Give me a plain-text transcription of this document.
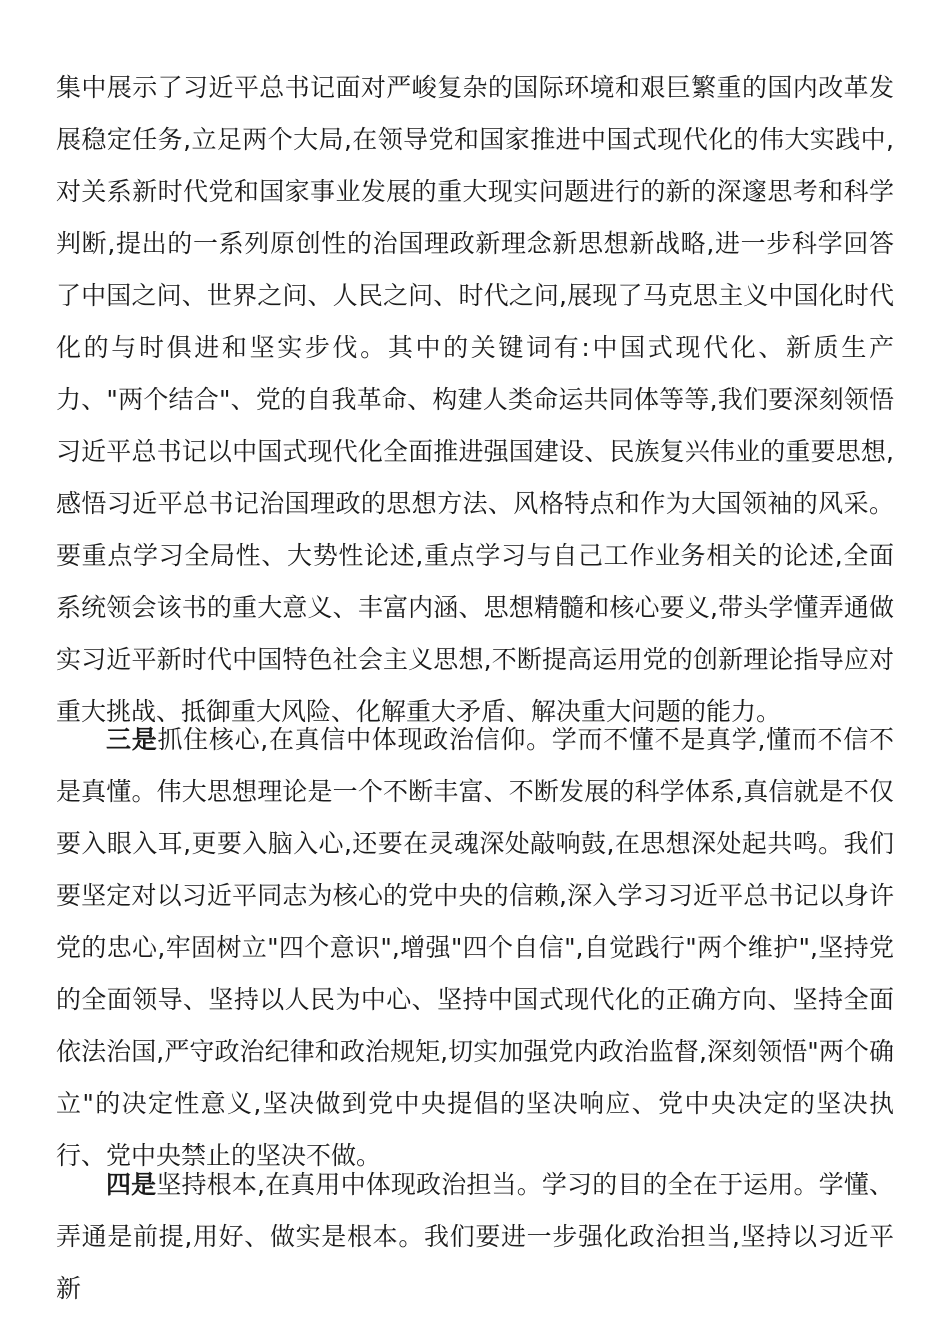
集中展示了习近平总书记面对严峻复杂的国际环境和艰巨繁重的国内改革发展稳定任务,立足两个大局,在领导党和国家推进中国式现代化的伟大实践中,对关系新时代党和国家事业发展的重大现实问题进行的新的深邃思考和科学判断,提出的一系列原创性的治国理政新理念新思想新战略,进一步科学回答了中国之问、世界之问、人民之问、时代之问,展现了马克思主义中国化时代化的与时俱进和坚实步伐。其中的关键词有:中国式现代化、新质生产力、"两个结合"、党的自我革命、构建人类命运共同体等等,我们要深刻领悟习近平总书记以中国式现代化全面推进强国建设、民族复兴伟业的重要思想,感悟习近平总书记治国理政的思想方法、风格特点和作为大国领袖的风采。要重点学习全局性、大势性论述,重点学习与自己工作业务相关的论述,全面系统领会该书的重大意义、丰富内涵、思想精髓和核心要义,带头学懂弄通做实习近平新时代中国特色社会主义思想,不断提高运用党的创新理论指导应对重大挑战、抵御重大风险、化解重大矛盾、解决重大问题的能力。

三是抓住核心,在真信中体现政治信仰。学而不懂不是真学,懂而不信不是真懂。伟大思想理论是一个不断丰富、不断发展的科学体系,真信就是不仅要入眼入耳,更要入脑入心,还要在灵魂深处敲响鼓,在思想深处起共鸣。我们要坚定对以习近平同志为核心的党中央的信赖,深入学习习近平总书记以身许党的忠心,牢固树立"四个意识",增强"四个自信",自觉践行"两个维护",坚持党的全面领导、坚持以人民为中心、坚持中国式现代化的正确方向、坚持全面依法治国,严守政治纪律和政治规矩,切实加强党内政治监督,深刻领悟"两个确立"的决定性意义,坚决做到党中央提倡的坚决响应、党中央决定的坚决执行、党中央禁止的坚决不做。

四是坚持根本,在真用中体现政治担当。学习的目的全在于运用。学懂、弄通是前提,用好、做实是根本。我们要进一步强化政治担当,坚持以习近平新
